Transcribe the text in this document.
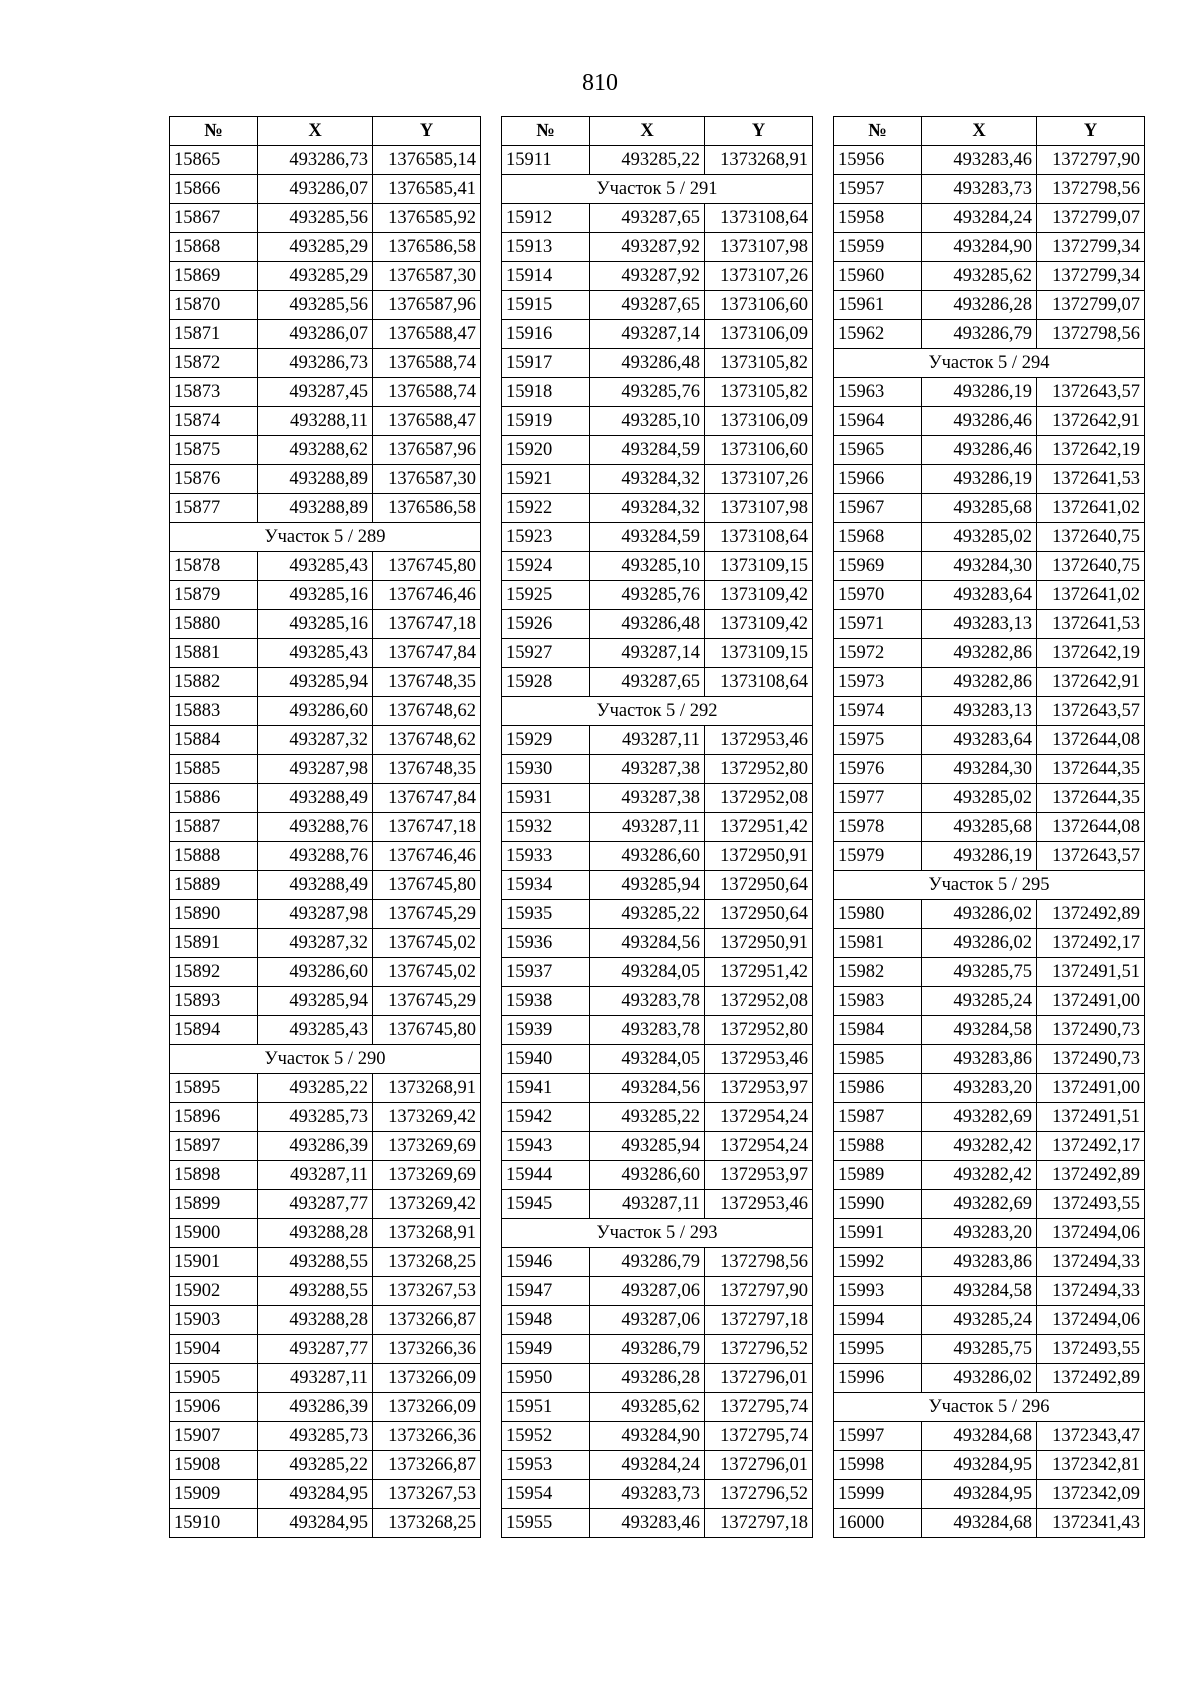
810
№	X	Y
15865	493286,73	1376585,14
15866	493286,07	1376585,41
15867	493285,56	1376585,92
15868	493285,29	1376586,58
15869	493285,29	1376587,30
15870	493285,56	1376587,96
15871	493286,07	1376588,47
15872	493286,73	1376588,74
15873	493287,45	1376588,74
15874	493288,11	1376588,47
15875	493288,62	1376587,96
15876	493288,89	1376587,30
15877	493288,89	1376586,58
Участок 5 / 289		
15878	493285,43	1376745,80
15879	493285,16	1376746,46
15880	493285,16	1376747,18
15881	493285,43	1376747,84
15882	493285,94	1376748,35
15883	493286,60	1376748,62
15884	493287,32	1376748,62
15885	493287,98	1376748,35
15886	493288,49	1376747,84
15887	493288,76	1376747,18
15888	493288,76	1376746,46
15889	493288,49	1376745,80
15890	493287,98	1376745,29
15891	493287,32	1376745,02
15892	493286,60	1376745,02
15893	493285,94	1376745,29
15894	493285,43	1376745,80
Участок 5 / 290		
15895	493285,22	1373268,91
15896	493285,73	1373269,42
15897	493286,39	1373269,69
15898	493287,11	1373269,69
15899	493287,77	1373269,42
15900	493288,28	1373268,91
15901	493288,55	1373268,25
15902	493288,55	1373267,53
15903	493288,28	1373266,87
15904	493287,77	1373266,36
15905	493287,11	1373266,09
15906	493286,39	1373266,09
15907	493285,73	1373266,36
15908	493285,22	1373266,87
15909	493284,95	1373267,53
15910	493284,95	1373268,25
№	X	Y
15911	493285,22	1373268,91
Участок 5 / 291		
15912	493287,65	1373108,64
15913	493287,92	1373107,98
15914	493287,92	1373107,26
15915	493287,65	1373106,60
15916	493287,14	1373106,09
15917	493286,48	1373105,82
15918	493285,76	1373105,82
15919	493285,10	1373106,09
15920	493284,59	1373106,60
15921	493284,32	1373107,26
15922	493284,32	1373107,98
15923	493284,59	1373108,64
15924	493285,10	1373109,15
15925	493285,76	1373109,42
15926	493286,48	1373109,42
15927	493287,14	1373109,15
15928	493287,65	1373108,64
Участок 5 / 292		
15929	493287,11	1372953,46
15930	493287,38	1372952,80
15931	493287,38	1372952,08
15932	493287,11	1372951,42
15933	493286,60	1372950,91
15934	493285,94	1372950,64
15935	493285,22	1372950,64
15936	493284,56	1372950,91
15937	493284,05	1372951,42
15938	493283,78	1372952,08
15939	493283,78	1372952,80
15940	493284,05	1372953,46
15941	493284,56	1372953,97
15942	493285,22	1372954,24
15943	493285,94	1372954,24
15944	493286,60	1372953,97
15945	493287,11	1372953,46
Участок 5 / 293		
15946	493286,79	1372798,56
15947	493287,06	1372797,90
15948	493287,06	1372797,18
15949	493286,79	1372796,52
15950	493286,28	1372796,01
15951	493285,62	1372795,74
15952	493284,90	1372795,74
15953	493284,24	1372796,01
15954	493283,73	1372796,52
15955	493283,46	1372797,18
№	X	Y
15956	493283,46	1372797,90
15957	493283,73	1372798,56
15958	493284,24	1372799,07
15959	493284,90	1372799,34
15960	493285,62	1372799,34
15961	493286,28	1372799,07
15962	493286,79	1372798,56
Участок 5 / 294		
15963	493286,19	1372643,57
15964	493286,46	1372642,91
15965	493286,46	1372642,19
15966	493286,19	1372641,53
15967	493285,68	1372641,02
15968	493285,02	1372640,75
15969	493284,30	1372640,75
15970	493283,64	1372641,02
15971	493283,13	1372641,53
15972	493282,86	1372642,19
15973	493282,86	1372642,91
15974	493283,13	1372643,57
15975	493283,64	1372644,08
15976	493284,30	1372644,35
15977	493285,02	1372644,35
15978	493285,68	1372644,08
15979	493286,19	1372643,57
Участок 5 / 295		
15980	493286,02	1372492,89
15981	493286,02	1372492,17
15982	493285,75	1372491,51
15983	493285,24	1372491,00
15984	493284,58	1372490,73
15985	493283,86	1372490,73
15986	493283,20	1372491,00
15987	493282,69	1372491,51
15988	493282,42	1372492,17
15989	493282,42	1372492,89
15990	493282,69	1372493,55
15991	493283,20	1372494,06
15992	493283,86	1372494,33
15993	493284,58	1372494,33
15994	493285,24	1372494,06
15995	493285,75	1372493,55
15996	493286,02	1372492,89
Участок 5 / 296		
15997	493284,68	1372343,47
15998	493284,95	1372342,81
15999	493284,95	1372342,09
16000	493284,68	1372341,43
